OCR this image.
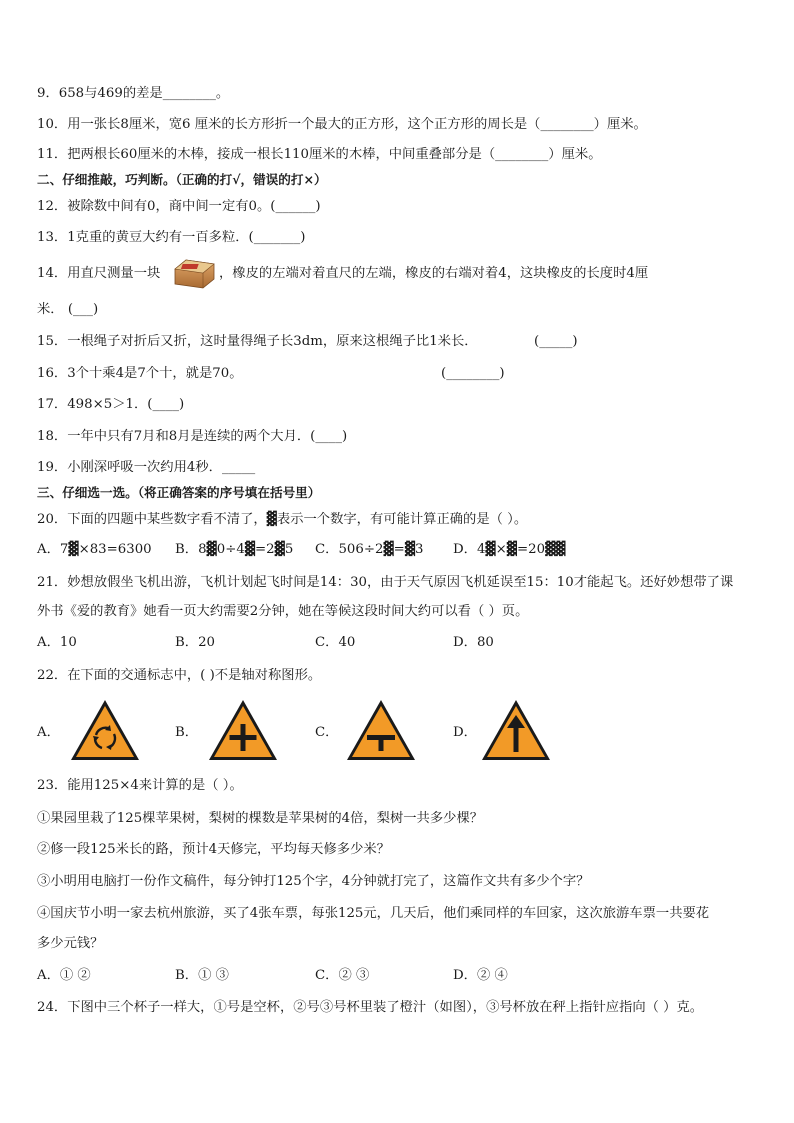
9．658与469的差是________。
10．用一张长8厘米，宽6 厘米的长方形折一个最大的正方形，这个正方形的周长是（________）厘米。
11．把两根长60厘米的木棒，接成一根长110厘米的木棒，中间重叠部分是（________）厘米。
二、仔细推敲，巧判断。（正确的打√，错误的打×）
12．被除数中间有0，商中间一定有0。(______)
13．1克重的黄豆大约有一百多粒．(_______)
14．用直尺测量一块	，橡皮的左端对着直尺的左端，橡皮的右端对着4，这块橡皮的长度时4厘
米． (___)
15．一根绳子对折后又折，这时量得绳子长3dm，原来这根绳子比1米长．	(_____)
16．3个十乘4是7个十，就是70。	(________)
17．498×5＞1．(____)
18．一年中只有7月和8月是连续的两个大月．(____)
19．小刚深呼吸一次约用4秒．_____
三、仔细选一选。（将正确答案的序号填在括号里）
20．下面的四题中某些数字看不清了，▓表示一个数字，有可能计算正确的是（ ）。
A．7▓×83=6300 B．8▓0÷4▓=2▓5 C．506÷2▓=▓3 D．4▓×▓=20▓▓
21．妙想放假坐飞机出游，飞机计划起飞时间是14：30，由于天气原因飞机延误至15：10才能起飞。还好妙想带了课
外书《爱的教育》她看一页大约需要2分钟，她在等候这段时间大约可以看（ ）页。
A．10	B．20	C．40	D．80
22．在下面的交通标志中，( )不是轴对称图形。
A．	B．	C．	D．
23．能用125×4来计算的是（ ）。
①果园里栽了125棵苹果树，梨树的棵数是苹果树的4倍，梨树一共多少棵？
②修一段125米长的路，预计4天修完，平均每天修多少米？
③小明用电脑打一份作文稿件，每分钟打125个字，4分钟就打完了，这篇作文共有多少个字？
④国庆节小明一家去杭州旅游，买了4张车票，每张125元，几天后，他们乘同样的车回家，这次旅游车票一共要花
多少元钱？
A．① ②	B．① ③	C．② ③	D．② ④
24．下图中三个杯子一样大，①号是空杯，②号③号杯里装了橙汁（如图），③号杯放在秤上指针应指向（ ）克。
